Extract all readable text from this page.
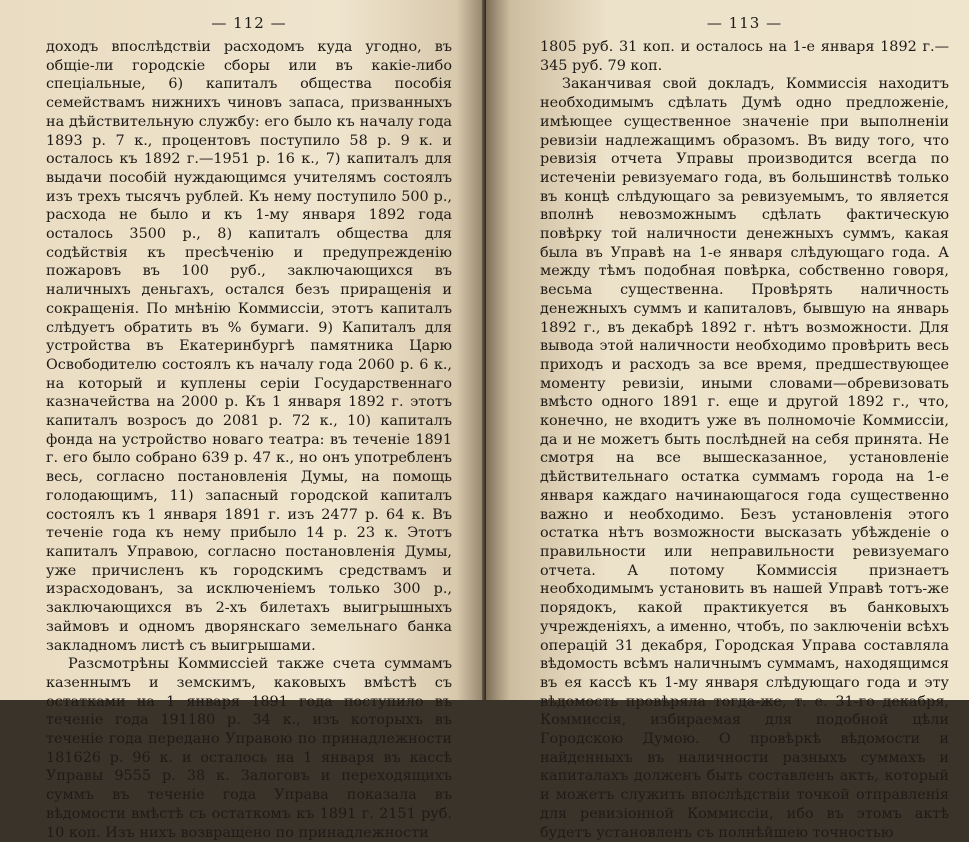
— 112 —

доходъ впослѣдствіи расходомъ куда угодно, въ общіе-ли городскіе сборы или въ какіе-либо спеціальные, 6) капиталъ общества пособія семействамъ нижнихъ чиновъ запаса, призванныхъ на дѣйствительную службу: его было къ началу года 1893 р. 7 к., процентовъ поступило 58 р. 9 к. и осталось къ 1892 г.—1951 р. 16 к., 7) капиталъ для выдачи пособій нуждающимся учителямъ состоялъ изъ трехъ тысячъ рублей. Къ нему поступило 500 р., расхода не было и къ 1-му января 1892 года осталось 3500 р., 8) капиталъ общества для содѣйствія къ пресѣченію и предупрежденію пожаровъ въ 100 руб., заключающихся въ наличныхъ деньгахъ, остался безъ приращенія и сокращенія. По мнѣнію Коммиссіи, этотъ капиталъ слѣдуетъ обратить въ % бумаги. 9) Капиталъ для устройства въ Екатеринбургѣ памятника Царю Освободителю состоялъ къ началу года 2060 р. 6 к., на который и куплены серіи Государственнаго казначейства на 2000 р. Къ 1 января 1892 г. этотъ капиталъ возросъ до 2081 р. 72 к., 10) капиталъ фонда на устройство новаго театра: въ теченіе 1891 г. его было собрано 639 р. 47 к., но онъ употребленъ весь, согласно постановленія Думы, на помощь голодающимъ, 11) запасный городской капиталъ состоялъ къ 1 января 1891 г. изъ 2477 р. 64 к. Въ теченіе года къ нему прибыло 14 р. 23 к. Этотъ капиталъ Управою, согласно постановленія Думы, уже причисленъ къ городскимъ средствамъ и израсходованъ, за исключеніемъ только 300 р., заключающихся въ 2-хъ билетахъ выигрышныхъ займовъ и одномъ дворянскаго земельнаго банка закладномъ листѣ съ выигрышами.

Разсмотрѣны Коммиссіей также счета суммамъ казеннымъ и земскимъ, каковыхъ вмѣстѣ съ остатками на 1 января 1891 года поступило въ теченіе года 191180 р. 34 к., изъ которыхъ въ теченіе года передано Управою по принадлежности 181626 р. 96 к. и осталось на 1 января въ кассѣ Управы 9555 р. 38 к. Залоговъ и переходящихъ суммъ въ теченіе года Управа показала въ вѣдомости вмѣстѣ съ остаткомъ къ 1891 г. 2151 руб. 10 коп. Изъ нихъ возвращено по принадлежности

— 113 —

1805 руб. 31 коп. и осталось на 1-е января 1892 г.— 345 руб. 79 коп.

Заканчивая свой докладъ, Коммиссія находитъ необходимымъ сдѣлать Думѣ одно предложеніе, имѣющее существенное значеніе при выполненіи ревизіи надлежащимъ образомъ. Въ виду того, что ревизія отчета Управы производится всегда по истеченіи ревизуемаго года, въ большинствѣ только въ концѣ слѣдующаго за ревизуемымъ, то является вполнѣ невозможнымъ сдѣлать фактическую повѣрку той наличности денежныхъ суммъ, какая была въ Управѣ на 1-е января слѣдующаго года. А между тѣмъ подобная повѣрка, собственно говоря, весьма существенна. Провѣрять наличность денежныхъ суммъ и капиталовъ, бывшую на январь 1892 г., въ декабрѣ 1892 г. нѣтъ возможности. Для вывода этой наличности необходимо провѣрить весь приходъ и расходъ за все время, предшествующее моменту ревизіи, иными словами—обревизовать вмѣсто одного 1891 г. еще и другой 1892 г., что, конечно, не входитъ уже въ полномочіе Коммиссіи, да и не можетъ быть послѣдней на себя принята. Не смотря на все вышесказанное, установленіе дѣйствительнаго остатка суммамъ города на 1-е января каждаго начинающагося года существенно важно и необходимо. Безъ установленія этого остатка нѣтъ возможности высказать убѣжденіе о правильности или неправильности ревизуемаго отчета. А потому Коммиссія признаетъ необходимымъ установить въ нашей Управѣ тотъ-же порядокъ, какой практикуется въ банковыхъ учрежденіяхъ, а именно, чтобъ, по заключеніи всѣхъ операцій 31 декабря, Городская Управа составляла вѣдомость всѣмъ наличнымъ суммамъ, находящимся въ ея кассѣ къ 1-му января слѣдующаго года и эту вѣдомость провѣряла тогда-же, т. е. 31-го декабря, Коммиссія, избираемая для подобной цѣли Городскою Думою. О провѣркѣ вѣдомости и найденныхъ въ наличности разныхъ суммахъ и капиталахъ долженъ быть составленъ актъ, который и можетъ служить впослѣдствіи точкой отправленія для ревизіонной Коммиссіи, ибо въ этомъ актѣ будетъ установленъ съ полнѣйшею точностью
